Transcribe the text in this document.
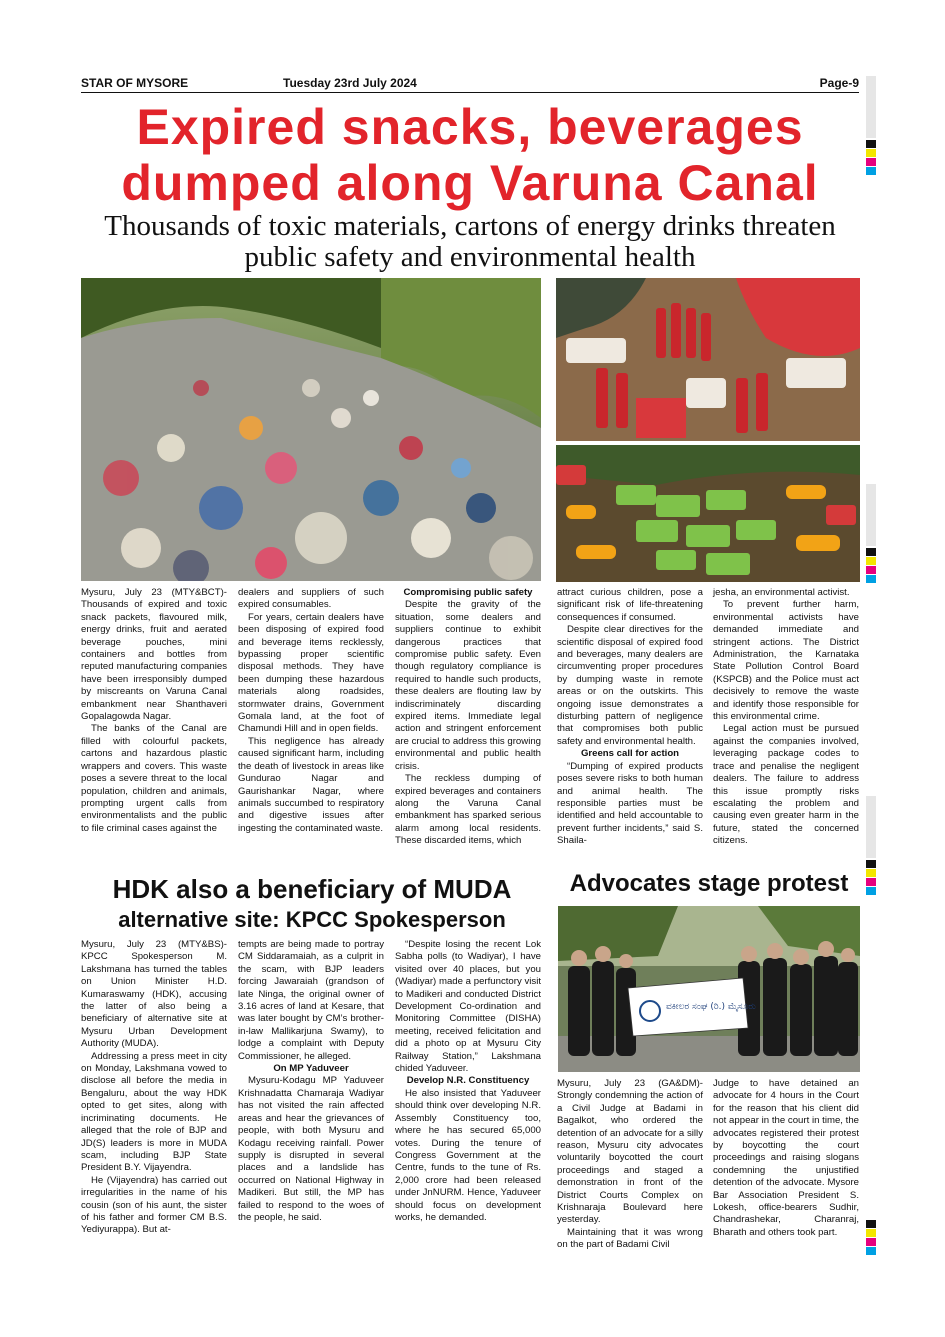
STAR OF MYSORE	Tuesday 23rd July 2024	Page-9
Expired snacks, beverages
dumped along Varuna Canal
Thousands of toxic materials, cartons of energy drinks threaten
public safety and environmental health

Mysuru, July 23 (MTY&BCT)- Thousands of expired and toxic snack packets, flavoured milk, energy drinks, fruit and aerated beverage pouches, mini containers and bottles from reputed manufacturing companies have been irresponsibly dumped by miscreants on Varuna Canal embankment near Shanthaveri Gopalagowda Nagar.

The banks of the Canal are filled with colourful packets, cartons and hazardous plastic wrappers and covers. This waste poses a severe threat to the local population, children and animals, prompting urgent calls from environmentalists and the public to file criminal cases against the

dealers and suppliers of such expired consumables.

For years, certain dealers have been disposing of expired food and beverage items recklessly, bypassing proper scientific disposal methods. They have been dumping these hazardous materials along roadsides, stormwater drains, Government Gomala land, at the foot of Chamundi Hill and in open fields.

This negligence has already caused significant harm, including the death of livestock in areas like Gundurao Nagar and Gaurishankar Nagar, where animals succumbed to respiratory and digestive issues after ingesting the contaminated waste.

Compromising public safety

Despite the gravity of the situation, some dealers and suppliers continue to exhibit dangerous practices that compromise public safety. Even though regulatory compliance is required to handle such products, these dealers are flouting law by indiscriminately discarding expired items. Immediate legal action and stringent enforcement are crucial to address this growing environmental and public health crisis.

The reckless dumping of expired beverages and containers along the Varuna Canal embankment has sparked serious alarm among local residents. These discarded items, which

attract curious children, pose a significant risk of life-threatening consequences if consumed.

Despite clear directives for the scientific disposal of expired food and beverages, many dealers are circumventing proper procedures by dumping waste in remote areas or on the outskirts. This ongoing issue demonstrates a disturbing pattern of negligence that compromises both public safety and environmental health.

Greens call for action

“Dumping of expired products poses severe risks to both human and animal health. The responsible parties must be identified and held accountable to prevent further incidents,” said S. Shaila-

jesha, an environmental activist.

To prevent further harm, environmental activists have demanded immediate and stringent actions. The District Administration, the Karnataka State Pollution Control Board (KSPCB) and the Police must act decisively to remove the waste and identify those responsible for this environmental crime.

Legal action must be pursued against the companies involved, leveraging package codes to trace and penalise the negligent dealers. The failure to address this issue promptly risks escalating the problem and causing even greater harm in the future, stated the concerned citizens.

HDK also a beneficiary of MUDA
alternative site: KPCC Spokesperson

Mysuru, July 23 (MTY&BS)- KPCC Spokesperson M. Lakshmana has turned the tables on Union Minister H.D. Kumaraswamy (HDK), accusing the latter of also being a beneficiary of alternative site at Mysuru Urban Development Authority (MUDA).

Addressing a press meet in city on Monday, Lakshmana vowed to disclose all before the media in Bengaluru, about the way HDK opted to get sites, along with incriminating documents. He alleged that the role of BJP and JD(S) leaders is more in MUDA scam, including BJP State President B.Y. Vijayendra.

He (Vijayendra) has carried out irregularities in the name of his cousin (son of his aunt, the sister of his father and former CM B.S. Yediyurappa). But at-

tempts are being made to portray CM Siddaramaiah, as a culprit in the scam, with BJP leaders forcing Jawaraiah (grandson of late Ninga, the original owner of 3.16 acres of land at Kesare, that was later bought by CM’s brother-in-law Mallikarjuna Swamy), to lodge a complaint with Deputy Commissioner, he alleged.

On MP Yaduveer

Mysuru-Kodagu MP Yaduveer Krishnadatta Chamaraja Wadiyar has not visited the rain affected areas and hear the grievances of people, with both Mysuru and Kodagu receiving rainfall. Power supply is disrupted in several places and a landslide has occurred on National Highway in Madikeri. But still, the MP has failed to respond to the woes of the people, he said.

“Despite losing the recent Lok Sabha polls (to Wadiyar), I have visited over 40 places, but you (Wadiyar) made a perfunctory visit to Madikeri and conducted District Development Co-ordination and Monitoring Committee (DISHA) meeting, received felicitation and did a photo op at Mysuru City Railway Station,” Lakshmana chided Yaduveer.

Develop N.R. Constituency

He also insisted that Yaduveer should think over developing N.R. Assembly Constituency too, where he has secured 65,000 votes. During the tenure of Congress Government at the Centre, funds to the tune of Rs. 2,000 crore had been released under JnNURM. Hence, Yaduveer should focus on development works, he demanded.

Advocates stage protest
ವಕೀಲರ ಸಂಘ (ರಿ.) ಮೈಸೂರು

Mysuru, July 23 (GA&DM)- Strongly condemning the action of a Civil Judge at Badami in Bagalkot, who ordered the detention of an advocate for a silly reason, Mysuru city advocates voluntarily boycotted the court proceedings and staged a demonstration in front of the District Courts Complex on Krishnaraja Boulevard here yesterday.

Maintaining that it was wrong on the part of Badami Civil

Judge to have detained an advocate for 4 hours in the Court for the reason that his client did not appear in the court in time, the advocates registered their protest by boycotting the court proceedings and raising slogans condemning the unjustified detention of the advocate. Mysore Bar Association President S. Lokesh, office-bearers Sudhir, Chandrashekar, Charanraj, Bharath and others took part.
